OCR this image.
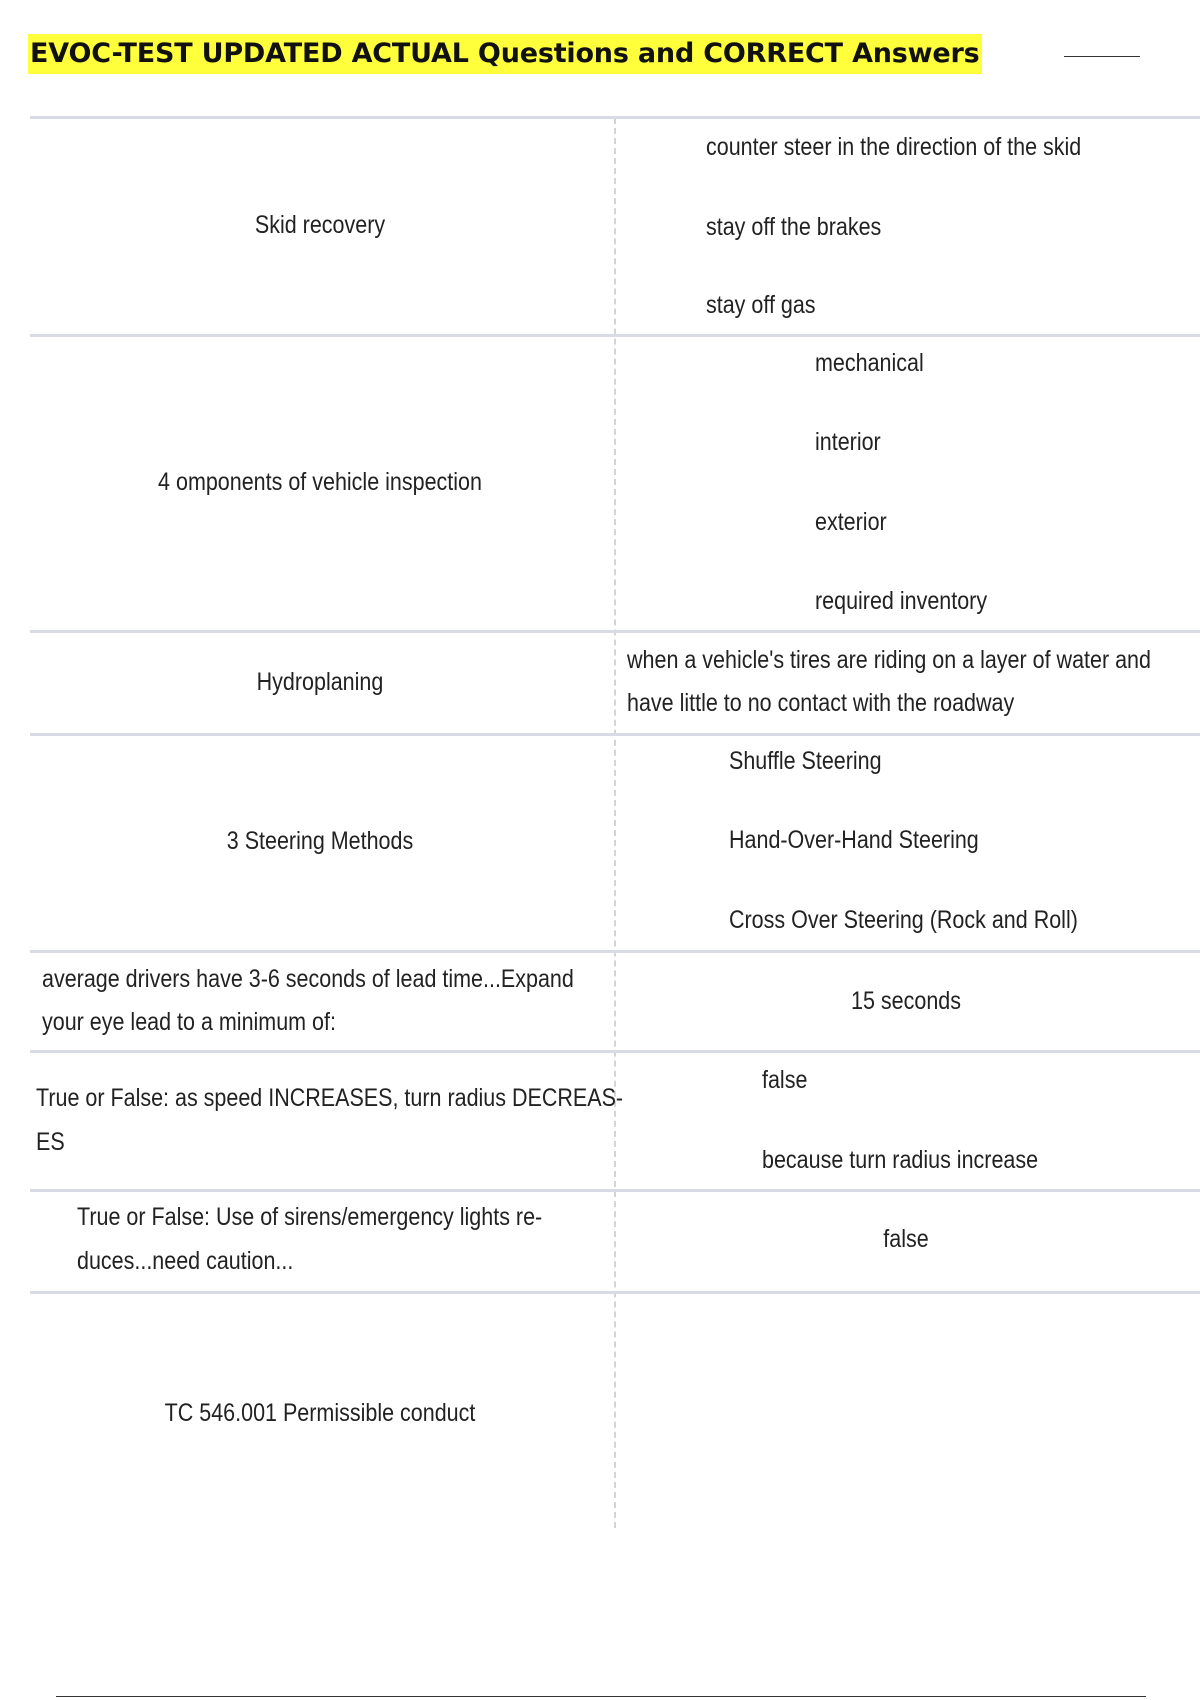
EVOC-TEST UPDATED ACTUAL Questions and CORRECT Answers
Skid recovery
counter steer in the direction of the skid
stay off the brakes
stay off gas
4 omponents of vehicle inspection
mechanical
interior
exterior
required inventory
Hydroplaning
when a vehicle's tires are riding on a layer of water and
have little to no contact with the roadway
3 Steering Methods
Shuffle Steering
Hand-Over-Hand Steering
Cross Over Steering (Rock and Roll)
average drivers have 3-6 seconds of lead time...Expand
your eye lead to a minimum of:
15 seconds
True or False: as speed INCREASES, turn radius DECREAS-
ES
false
because turn radius increase
True or False: Use of sirens/emergency lights re-
duces...need caution...
false
TC 546.001 Permissible conduct
